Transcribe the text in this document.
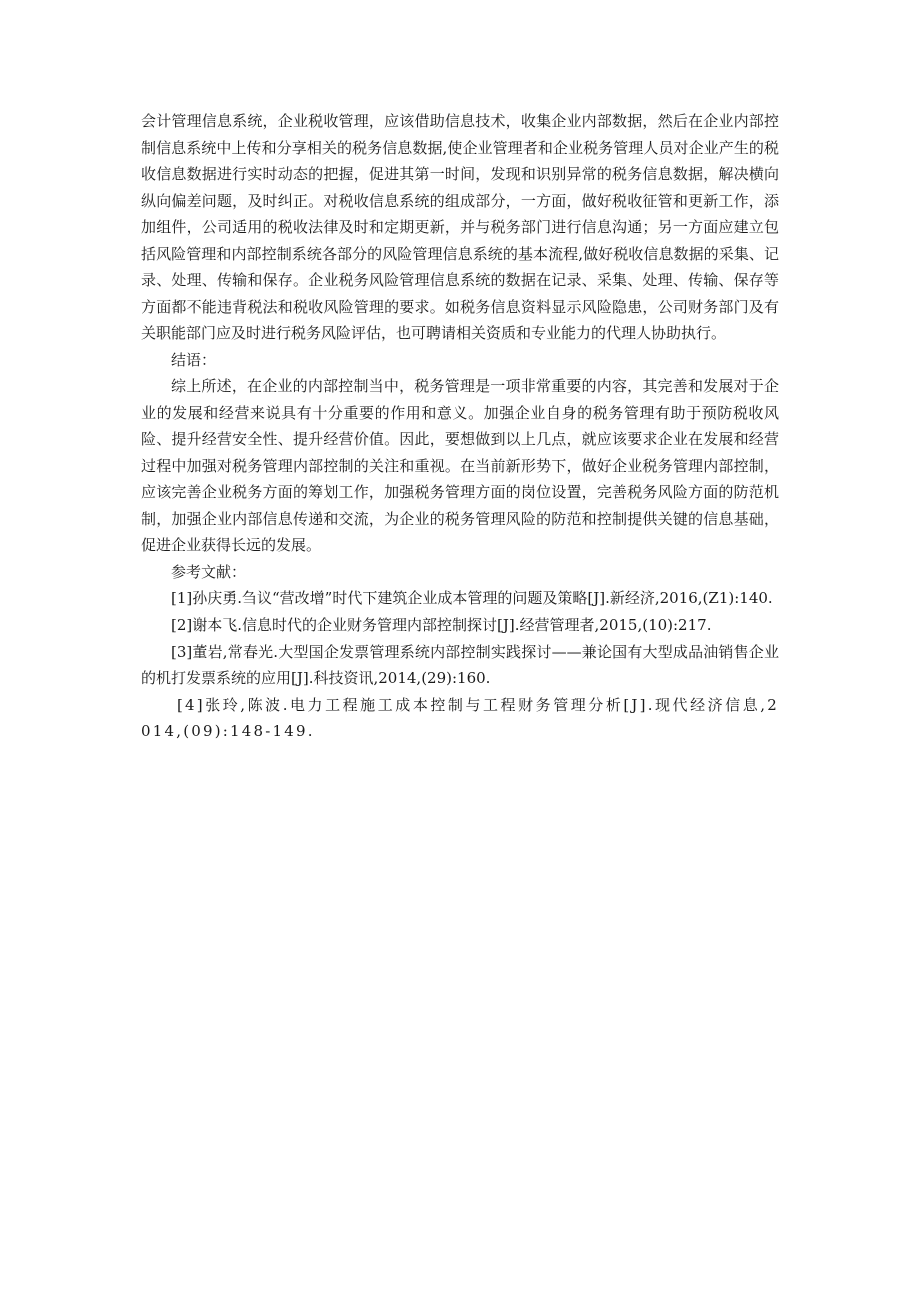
会计管理信息系统，企业税收管理，应该借助信息技术，收集企业内部数据，然后在企业内部控制信息系统中上传和分享相关的税务信息数据,使企业管理者和企业税务管理人员对企业产生的税收信息数据进行实时动态的把握，促进其第一时间，发现和识别异常的税务信息数据，解决横向纵向偏差问题，及时纠正。对税收信息系统的组成部分，一方面，做好税收征管和更新工作，添加组件，公司适用的税收法律及时和定期更新，并与税务部门进行信息沟通；另一方面应建立包括风险管理和内部控制系统各部分的风险管理信息系统的基本流程,做好税收信息数据的采集、记录、处理、传输和保存。企业税务风险管理信息系统的数据在记录、采集、处理、传输、保存等方面都不能违背税法和税收风险管理的要求。如税务信息资料显示风险隐患，公司财务部门及有关职能部门应及时进行税务风险评估，也可聘请相关资质和专业能力的代理人协助执行。

结语：

综上所述，在企业的内部控制当中，税务管理是一项非常重要的内容，其完善和发展对于企业的发展和经营来说具有十分重要的作用和意义。加强企业自身的税务管理有助于预防税收风险、提升经营安全性、提升经营价值。因此，要想做到以上几点，就应该要求企业在发展和经营过程中加强对税务管理内部控制的关注和重视。在当前新形势下，做好企业税务管理内部控制，应该完善企业税务方面的筹划工作，加强税务管理方面的岗位设置，完善税务风险方面的防范机制，加强企业内部信息传递和交流，为企业的税务管理风险的防范和控制提供关键的信息基础，促进企业获得长远的发展。

参考文献：

[1]孙庆勇.刍议“营改增”时代下建筑企业成本管理的问题及策略[J].新经济,2016,(Z1):140.
[2]谢本飞.信息时代的企业财务管理内部控制探讨[J].经营管理者,2015,(10):217.
[3]董岩,常春光.大型国企发票管理系统内部控制实践探讨——兼论国有大型成品油销售企业的机打发票系统的应用[J].科技资讯,2014,(29):160.
[4]张玲,陈波.电力工程施工成本控制与工程财务管理分析[J].现代经济信息,2014,(09):148-149.
